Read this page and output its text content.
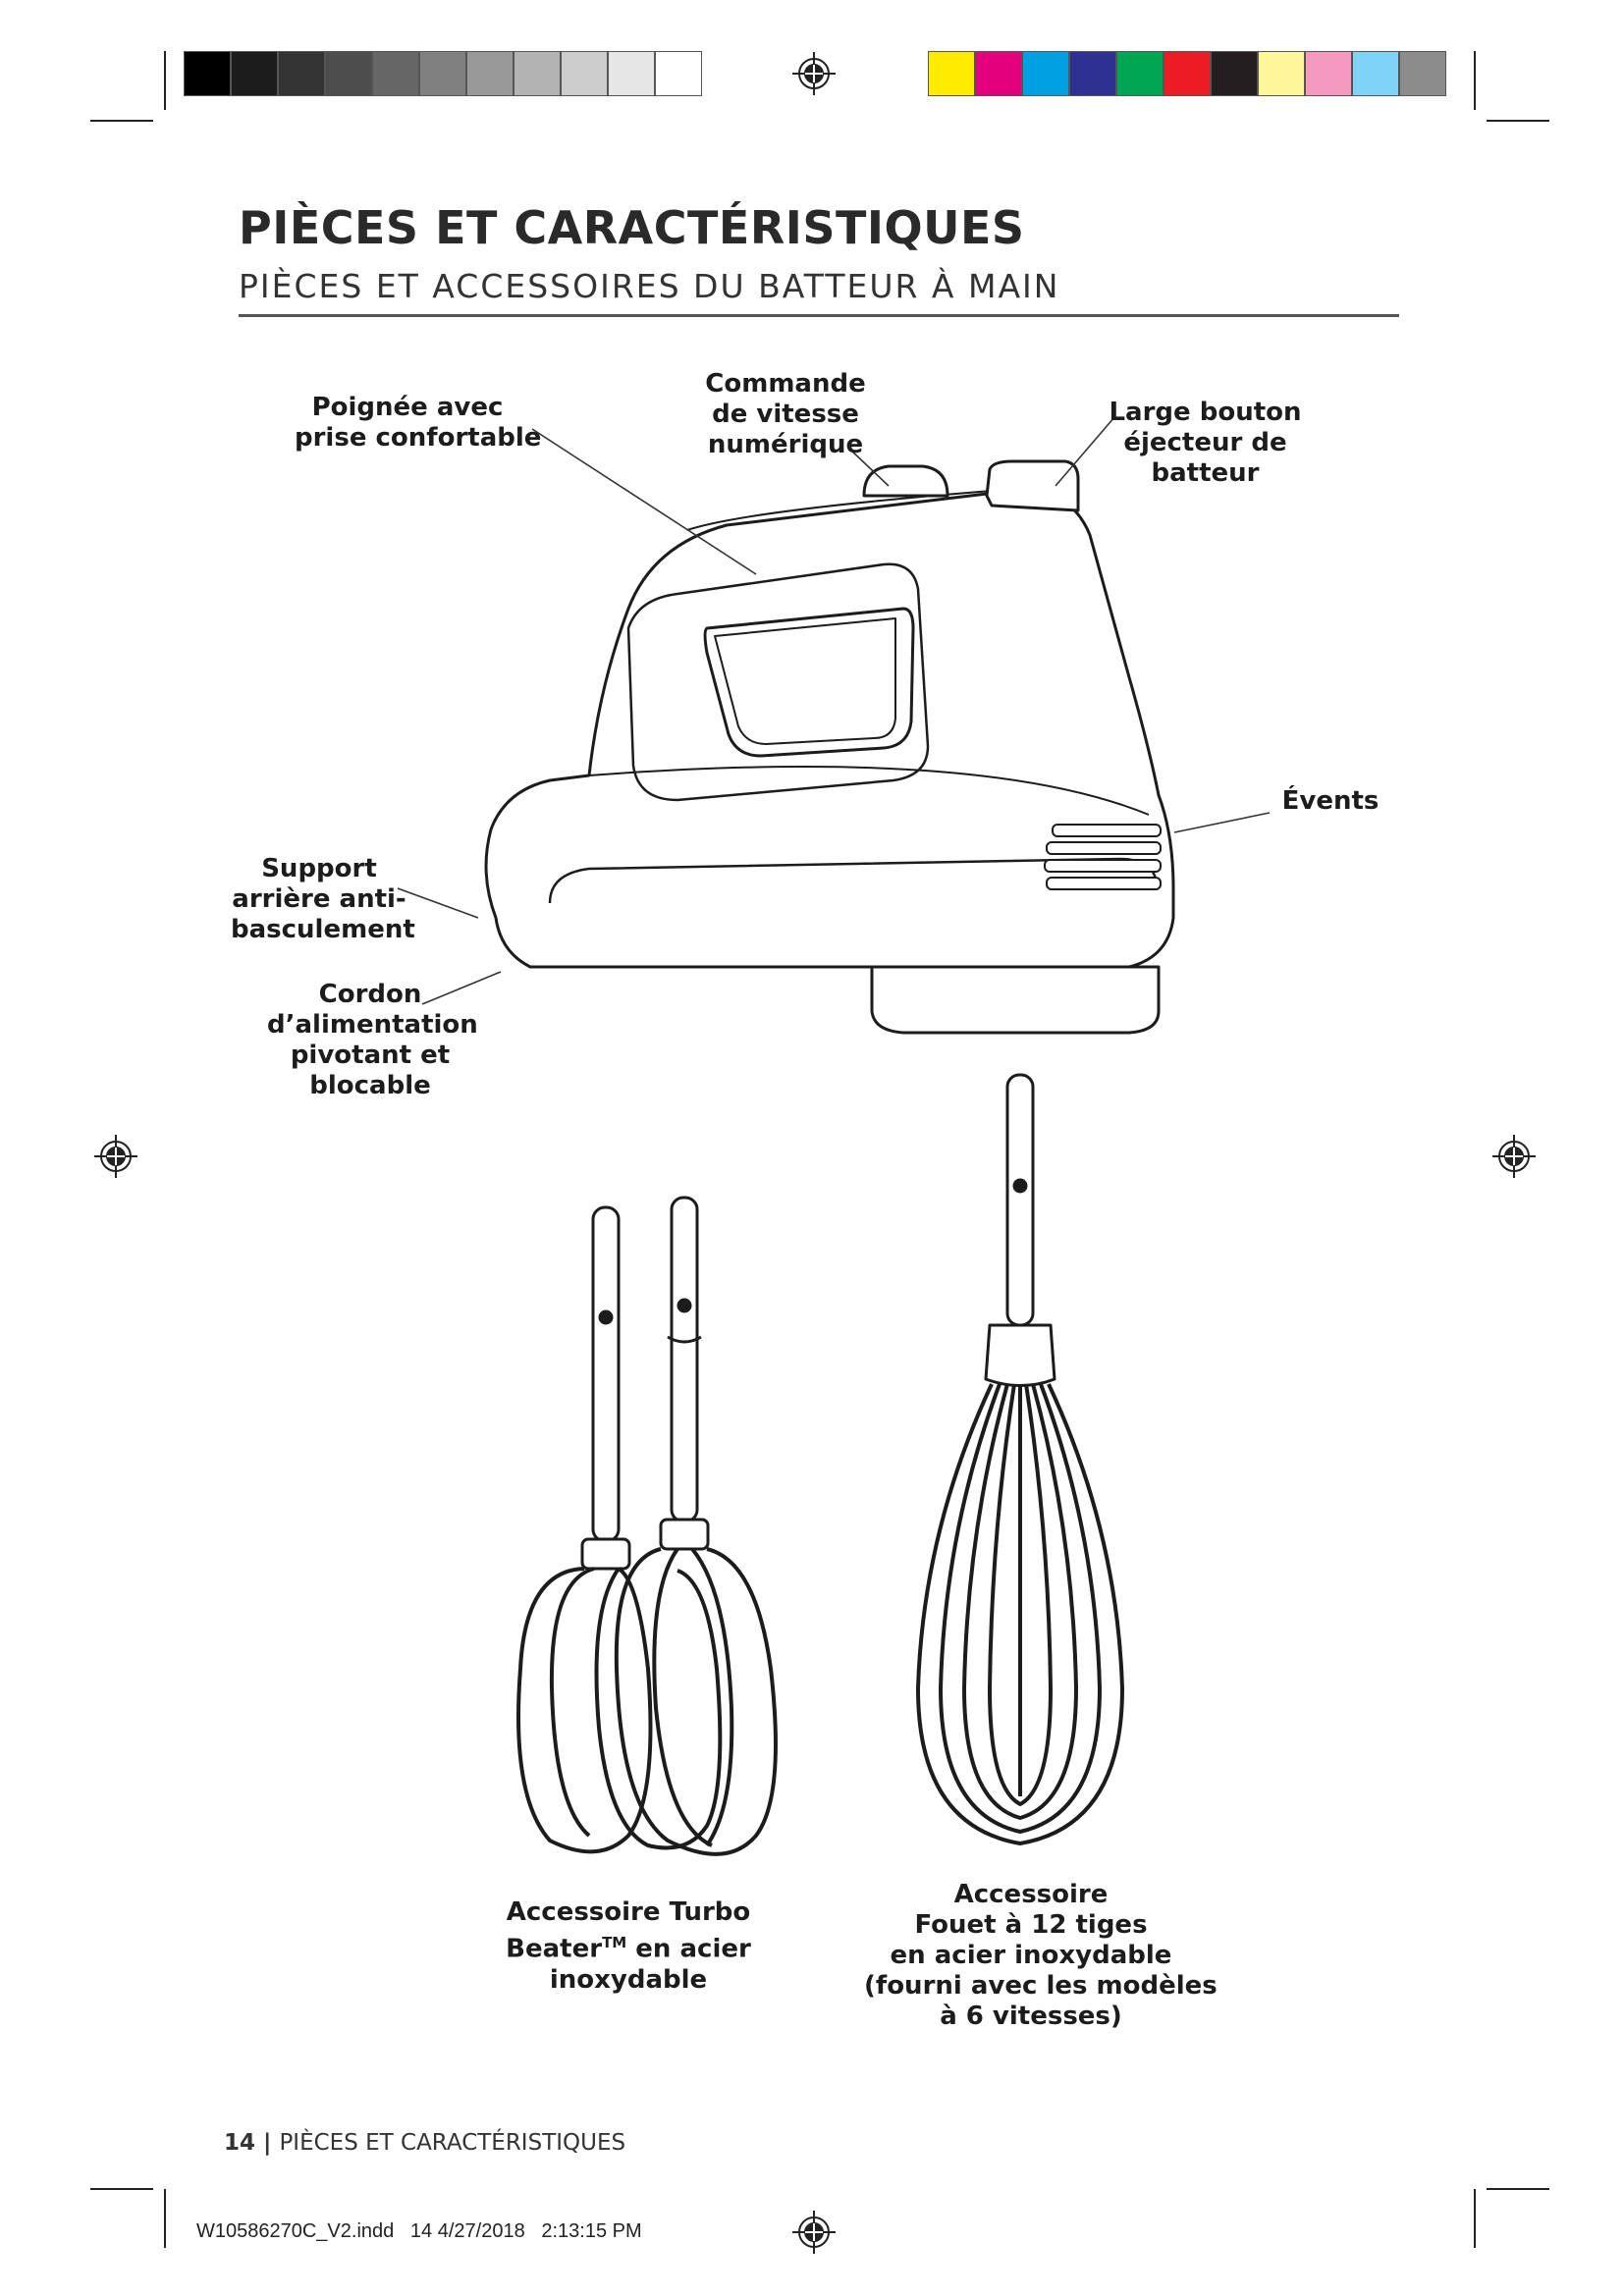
PIÈCES ET CARACTÉRISTIQUES
PIÈCES ET ACCESSOIRES DU BATTEUR À MAIN
Poignée avec
prise confortable
Commande
de vitesse
numérique
Large bouton
éjecteur de
batteur
Évents
Support
arrière anti-
basculement
Cordon
d’alimentation
pivotant et
blocable
Accessoire Turbo
Beater™ en acier
inoxydable
Accessoire
Fouet à 12 tiges
en acier inoxydable
(fourni avec les modèles
à 6 vitesses)
14 | PIÈCES ET CARACTÉRISTIQUES
W10586270C_V2.indd   14 4/27/2018   2:13:15 PM
